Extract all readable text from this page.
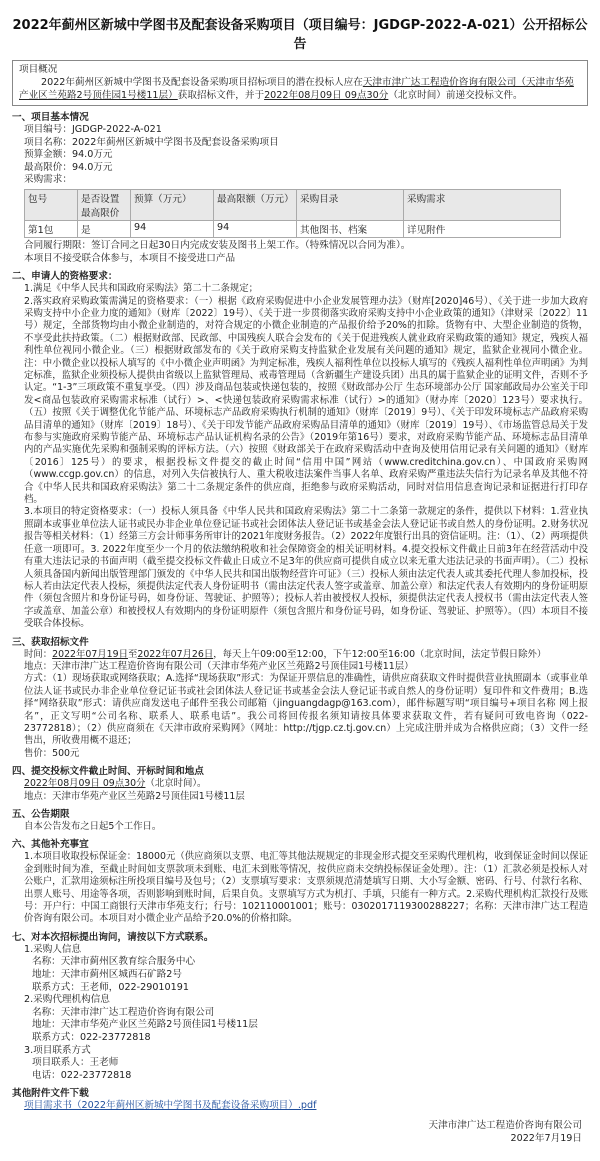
2022年蓟州区新城中学图书及配套设备采购项目（项目编号：JGDGP-2022-A-021）公开招标公告
项目概况
2022年蓟州区新城中学图书及配套设备采购项目招标项目的潜在投标人应在天津市津广达工程造价咨询有限公司（天津市华苑产业区兰苑路2号顶佳园1号楼11层）获取招标文件，并于2022年08月09日 09点30分（北京时间）前递交投标文件。
一、项目基本情况
项目编号：JGDGP-2022-A-021
项目名称：2022年蓟州区新城中学图书及配套设备采购项目
预算金额：94.0万元
最高限价：94.0万元
采购需求：
包号	是否设置最高限价	预算（万元）	最高限额（万元）	采购目录	采购需求
第1包	是	94	94	其他图书、档案	详见附件
合同履行期限：签订合同之日起30日内完成安装及图书上架工作。（特殊情况以合同为准）。
本项目不接受联合体参与，本项目不接受进口产品
二、申请人的资格要求：
1.满足《中华人民共和国政府采购法》第二十二条规定；
2.落实政府采购政策需满足的资格要求：（一）根据《政府采购促进中小企业发展管理办法》（财库[2020]46号）、《关于进一步加大政府采购支持中小企业力度的通知》（财库〔2022〕19号）、《关于进一步贯彻落实政府采购支持中小企业政策的通知》（津财采〔2022〕11号）规定，全部货物均由小微企业制造的，对符合规定的小微企业制造的产品报价给予20%的扣除。货物有中、大型企业制造的货物，不享受此扶持政策。（二）根据财政部、民政部、中国残疾人联合会发布的《关于促进残疾人就业政府采购政策的通知》规定，残疾人福利性单位视同小微企业。（三）根据财政部发布的《关于政府采购支持监狱企业发展有关问题的通知》规定，监狱企业视同小微企业。注：中小微企业以投标人填写的《中小微企业声明函》为判定标准，残疾人福利性单位以投标人填写的《残疾人福利性单位声明函》为判定标准，监狱企业须投标人提供由省级以上监狱管理局、戒毒管理局（含新疆生产建设兵团）出具的属于监狱企业的证明文件，否则不予认定。“1-3”三项政策不重复享受。（四）涉及商品包装或快递包装的，按照《财政部办公厅 生态环境部办公厅 国家邮政局办公室关于印发<商品包装政府采购需求标准（试行）>、<快递包装政府采购需求标准（试行）>的通知》（财办库〔2020〕123号）要求执行。（五）按照《关于调整优化节能产品、环境标志产品政府采购执行机制的通知》（财库〔2019〕9号）、《关于印发环境标志产品政府采购品目清单的通知》（财库〔2019〕18号）、《关于印发节能产品政府采购品目清单的通知》（财库〔2019〕19号）、《市场监管总局关于发布参与实施政府采购节能产品、环境标志产品认证机构名录的公告》（2019年第16号）要求，对政府采购节能产品、环境标志品目清单内的产品实施优先采购和强制采购的评标方法。（六）按照《财政部关于在政府采购活动中查询及使用信用记录有关问题的通知》（财库〔2016〕125号）的要求，根据投标文件提交的截止时间“信用中国”网站（www.creditchina.gov.cn）、中国政府采购网（www.ccgp.gov.cn）的信息，对列入失信被执行人、重大税收违法案件当事人名单、政府采购严重违法失信行为记录名单及其他不符合《中华人民共和国政府采购法》第二十二条规定条件的供应商，拒绝参与政府采购活动，同时对信用信息查询记录和证据进行打印存档。
3.本项目的特定资格要求：（一）投标人须具备《中华人民共和国政府采购法》第二十二条第一款规定的条件，提供以下材料：1.营业执照副本或事业单位法人证书或民办非企业单位登记证书或社会团体法人登记证书或基金会法人登记证书或自然人的身份证明。2.财务状况报告等相关材料：（1）经第三方会计师事务所审计的2021年度财务报告。（2）2022年度银行出具的资信证明。注：（1）、（2）两项提供任意一项即可。3. 2022年度至少一个月的依法缴纳税收和社会保障资金的相关证明材料。4.提交投标文件截止日前3年在经营活动中没有重大违法记录的书面声明（截至提交投标文件截止日成立不足3年的供应商可提供自成立以来无重大违法记录的书面声明）。（二）投标人须具备国内新闻出版管理部门颁发的《中华人民共和国出版物经营许可证》（三）投标人须由法定代表人或其委托代理人参加投标，投标人若由法定代表人投标，须提供法定代表人身份证明书（需由法定代表人签字或盖章、加盖公章）和法定代表人有效期内的身份证明原件（须包含照片和身份证号码，如身份证、驾驶证、护照等）；投标人若由被授权人投标，须提供法定代表人授权书（需由法定代表人签字或盖章、加盖公章）和被授权人有效期内的身份证明原件（须包含照片和身份证号码，如身份证、驾驶证、护照等）。（四）本项目不接受联合体投标。
三、获取招标文件
时间：2022年07月19日至2022年07月26日，每天上午09:00至12:00，下午12:00至16:00（北京时间，法定节假日除外）
地点：天津市津广达工程造价咨询有限公司（天津市华苑产业区兰苑路2号顶佳园1号楼11层）
方式：（1）现场获取或网络获取；A.选择“现场获取”形式：为保证开票信息的准确性，请供应商获取文件时提供营业执照副本（或事业单位法人证书或民办非企业单位登记证书或社会团体法人登记证书或基金会法人登记证书或自然人的身份证明）复印件和文件费用；B.选择“网络获取”形式：请供应商发送电子邮件至我公司邮箱（jinguangdagp@163.com），邮件标题写明“项目编号+项目名称 网上报名”，正文写明“公司名称、联系人、联系电话”。我公司将回传报名须知请按具体要求获取文件，若有疑问可致电咨询（022-23772818）；（2）供应商须在《天津市政府采购网》（网址：http://tjgp.cz.tj.gov.cn）上完成注册并成为合格供应商；（3）文件一经售出，所收费用概不退还；
售价：500元
四、提交投标文件截止时间、开标时间和地点
2022年08月09日 09点30分（北京时间）。
地点：天津市华苑产业区兰苑路2号顶佳园1号楼11层
五、公告期限
自本公告发布之日起5个工作日。
六、其他补充事宜
1.本项目收取投标保证金：18000元（供应商须以支票、电汇等其他法规规定的非现金形式提交至采购代理机构，收到保证金时间以保证金到账时间为准，至截止时间如支票款项未到账、电汇未到账等情况，按供应商未交纳投标保证金处理）。注：（1）汇款必须是投标人对公账户，汇款用途须标注所投项目编号及包号；（2）支票填写要求：支票须规范清楚填写日期、大小写金额、密码、行号、付款行名称、出票人账号、用途等各项，否则影响到账时间，后果自负。支票填写方式为机打、手填，只能有一种方式。2.采购代理机构汇款投行及账号：开户行：中国工商银行天津市华苑支行；行号：102110001001；账号：0302017119300288227；名称：天津市津广达工程造价咨询有限公司。本项目对小微企业产品给予20.0%的价格扣除。
七、对本次招标提出询问，请按以下方式联系。
1.采购人信息
名称：天津市蓟州区教育综合服务中心
地址：天津市蓟州区城西石矿路2号
联系方式：王老师，022-29010191
2.采购代理机构信息
名称：天津市津广达工程造价咨询有限公司
地址：天津市华苑产业区兰苑路2号顶佳园1号楼11层
联系方式：022-23772818
3.项目联系方式
项目联系人：王老师
电话：022-23772818
其他附件文件下载
项目需求书（2022年蓟州区新城中学图书及配套设备采购项目）.pdf
天津市津广达工程造价咨询有限公司
2022年7月19日
